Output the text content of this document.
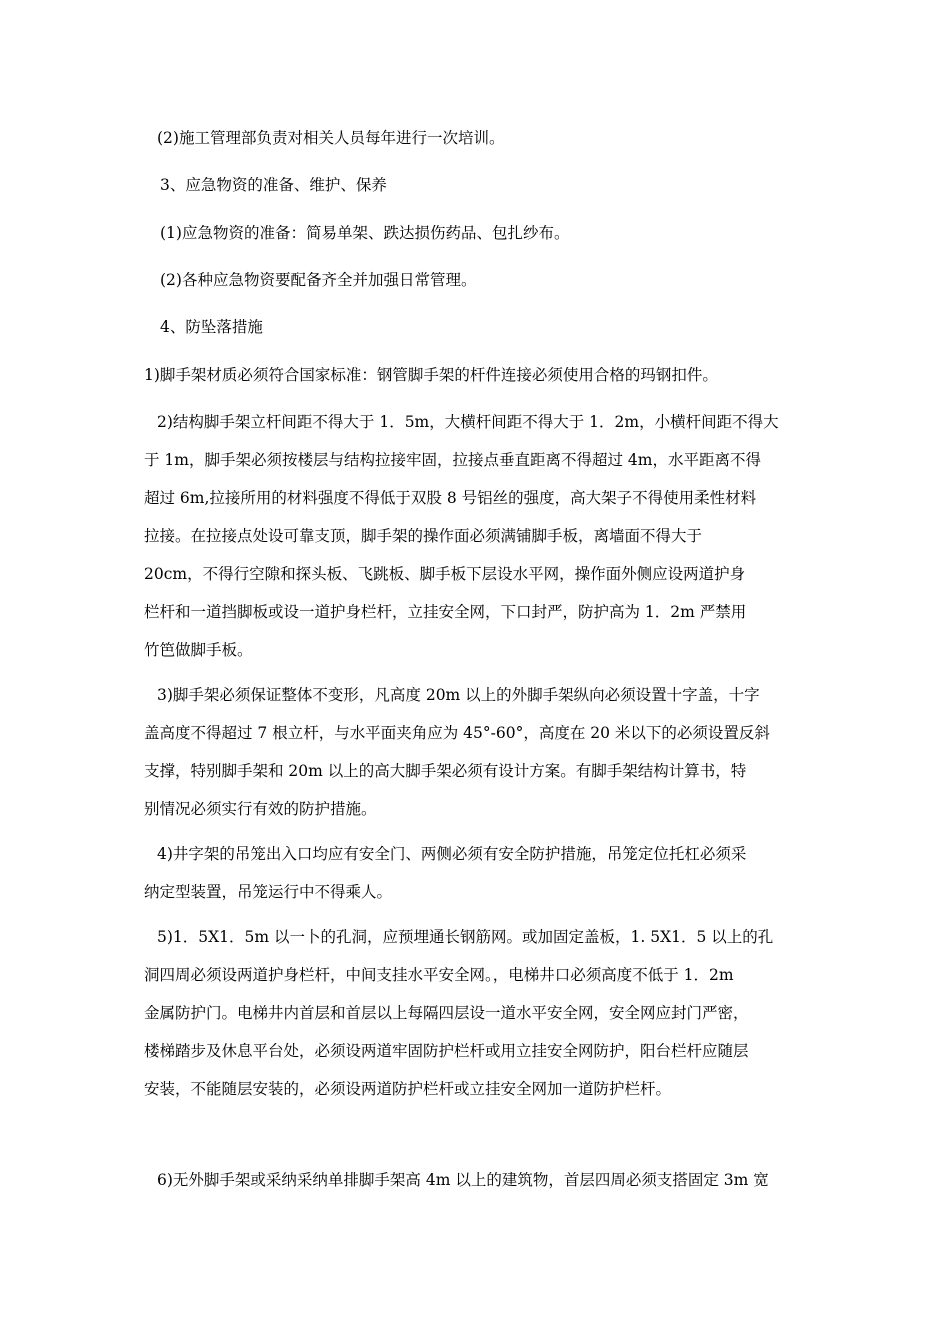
(2)施工管理部负责对相关人员每年进行一次培训。
3、应急物资的准备、维护、保养
(1)应急物资的准备：简易单架、跌达损伤药品、包扎纱布。
(2)各种应急物资要配备齐全并加强日常管理。
4、防坠落措施
1)脚手架材质必须符合国家标准：钢管脚手架的杆件连接必须使用合格的玛钢扣件。
2)结构脚手架立杆间距不得大于 1．5m，大横杆间距不得大于 1．2m，小横杆间距不得大
于 1m，脚手架必须按楼层与结构拉接牢固，拉接点垂直距离不得超过 4m，水平距离不得
超过 6m,拉接所用的材料强度不得低于双股 8 号铝丝的强度，高大架子不得使用柔性材料
拉接。在拉接点处设可靠支顶，脚手架的操作面必须满铺脚手板，离墙面不得大于
20cm，不得行空隙和探头板、飞跳板、脚手板下层设水平网，操作面外侧应设两道护身
栏杆和一道挡脚板或设一道护身栏杆，立挂安全网，下口封严，防护高为 1．2m 严禁用
竹笆做脚手板。
3)脚手架必须保证整体不变形，凡高度 20m 以上的外脚手架纵向必须设置十字盖，十字
盖高度不得超过 7 根立杆，与水平面夹角应为 45°-60°，高度在 20 米以下的必须设置反斜
支撑，特别脚手架和 20m 以上的高大脚手架必须有设计方案。有脚手架结构计算书，特
别情况必须实行有效的防护措施。
4)井字架的吊笼出入口均应有安全门、两侧必须有安全防护措施，吊笼定位托杠必须采
纳定型装置，吊笼运行中不得乘人。
5)1．5X1．5m 以一卜的孔洞，应预埋通长钢筋网。或加固定盖板，1. 5X1．5 以上的孔
洞四周必须设两道护身栏杆，中间支挂水平安全网。，电梯井口必须高度不低于 1．2m
金属防护门。电梯井内首层和首层以上每隔四层设一道水平安全网，安全网应封门严密，
楼梯踏步及休息平台处，必须设两道牢固防护栏杆或用立挂安全网防护，阳台栏杆应随层
安装，不能随层安装的，必须设两道防护栏杆或立挂安全网加一道防护栏杆。
6)无外脚手架或采纳采纳单排脚手架高 4m 以上的建筑物，首层四周必须支搭固定 3m 宽
